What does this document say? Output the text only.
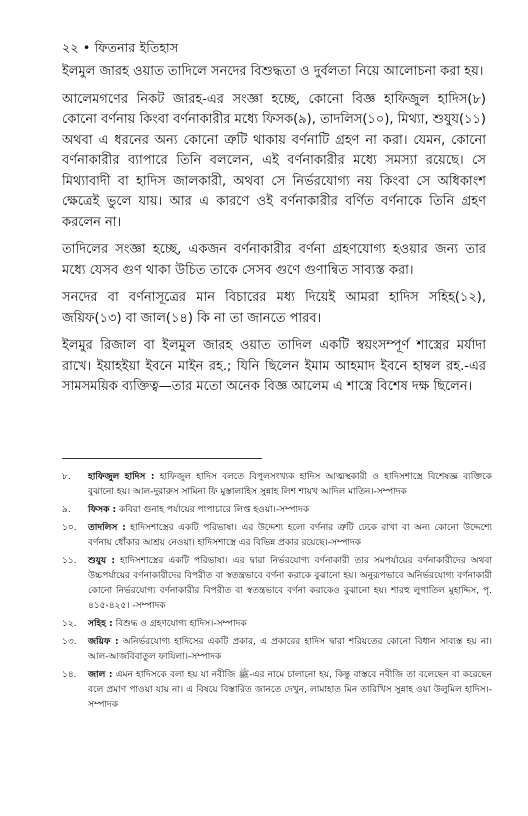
২২ • ফিতনার ইতিহাস

ইলমুল জারহ ওয়াত তাদিলে সনদের বিশুদ্ধতা ও দুর্বলতা নিয়ে আলোচনা করা হয়।

আলেমগণের নিকট জারহ-এর সংজ্ঞা হচ্ছে, কোনো বিজ্ঞ হাফিজুল হাদিস(৮) কোনো বর্ণনায় কিংবা বর্ণনাকারীর মধ্যে ফিসক(৯), তাদলিস(১০), মিথ্যা, শুযুয(১১) অথবা এ ধরনের অন্য কোনো ত্রুটি থাকায় বর্ণনাটি গ্রহণ না করা। যেমন, কোনো বর্ণনাকারীর ব্যাপারে তিনি বললেন, এই বর্ণনাকারীর মধ্যে সমস্যা রয়েছে। সে মিথ্যাবাদী বা হাদিস জালকারী, অথবা সে নির্ভরযোগ্য নয় কিংবা সে অধিকাংশ ক্ষেত্রেই ভুলে যায়। আর এ কারণে ওই বর্ণনাকারীর বর্ণিত বর্ণনাকে তিনি গ্রহণ করলেন না।

তাদিলের সংজ্ঞা হচ্ছে, একজন বর্ণনাকারীর বর্ণনা গ্রহণযোগ্য হওয়ার জন্য তার মধ্যে যেসব গুণ থাকা উচিত তাকে সেসব গুণে গুণান্বিত সাব্যস্ত করা।

সনদের বা বর্ণনাসূত্রের মান বিচারের মধ্য দিয়েই আমরা হাদিস সহিহ(১২), জয়িফ(১৩) বা জাল(১৪) কি না তা জানতে পারব।

ইলমুর রিজাল বা ইলমুল জারহ ওয়াত তাদিল একটি স্বয়ংসম্পূর্ণ শাস্ত্রের মর্যাদা রাখে। ইয়াহইয়া ইবনে মাইন রহ.; যিনি ছিলেন ইমাম আহমাদ ইবনে হাম্বল রহ.-এর সামসময়িক ব্যক্তিত্ব—তার মতো অনেক বিজ্ঞ আলেম এ শাস্ত্রে বিশেষ দক্ষ ছিলেন।

৮.	হাফিজুল হাদিস : হাফিজুল হাদিস বলতে বিপুলসংখ্যক হাদিস আত্মস্থকারী ও হাদিসশাস্ত্রে বিশেষজ্ঞ ব্যক্তিকে বুঝানো হয়। আল-দুরারুস সামিনা ফি মুস্তালাহিস সুন্নাহ লিশ শায়খ আদিল মাতিন।-সম্পাদক
৯.	ফিসক : কবিরা গুনাহ পর্যায়ের পাপাচারে লিপ্ত হওয়া।-সম্পাদক
১০.	তাদলিস : হাদিসশাস্ত্রের একটি পরিভাষা। এর উদ্দেশ্য হলো বর্ণনার ত্রুটি ঢেকে রাখা বা অন্য কোনো উদ্দেশ্যে বর্ণনায় ধোঁকার আশ্রয় নেওয়া। হাদিসশাস্ত্রে এর বিভিন্ন প্রকার রয়েছে।-সম্পাদক
১১.	শুযুয : হাদিসশাস্ত্রের একটি পরিভাষা। এর দ্বারা নির্ভরযোগ্য বর্ণনাকারী তার সমপর্যায়ের বর্ণনাকারীদের অথবা উচ্চপর্যায়ের বর্ণনাকারীদের বিপরীত বা স্বতন্ত্রভাবে বর্ণনা করাকে বুঝানো হয়। অনুরূপভাবে অনির্ভরযোগ্য বর্ণনাকারী কোনো নির্ভরযোগ্য বর্ণনাকারীর বিপরীত বা স্বতন্ত্রভাবে বর্ণনা করাকেও বুঝানো হয়। শারহু লুগাতিল মুহাদ্দিস, পৃ. ৪১৫-৪২৫। -সম্পাদক
১২.	সহিহ : বিশুদ্ধ ও গ্রহণযোগ্য হাদিস।-সম্পাদক
১৩.	জয়িফ : অনির্ভরযোগ্য হাদিসের একটি প্রকার, এ প্রকারের হাদিস দ্বারা শরিয়তের কোনো বিধান সাব্যস্ত হয় না। আল-আজবিবাতুল ফাযিলা।-সম্পাদক
১৪.	জাল : এমন হাদিসকে বলা হয় যা নবীজি ﷺ-এর নামে চালানো হয়, কিন্তু বাস্তবে নবীজি তা বলেছেন বা করেছেন বলে প্রমাণ পাওয়া যায় না। এ বিষয়ে বিস্তারিত জানতে দেখুন, লামাহাত মিন তারিখিস সুন্নাহ ওয়া উলুমিল হাদিস।-সম্পাদক
